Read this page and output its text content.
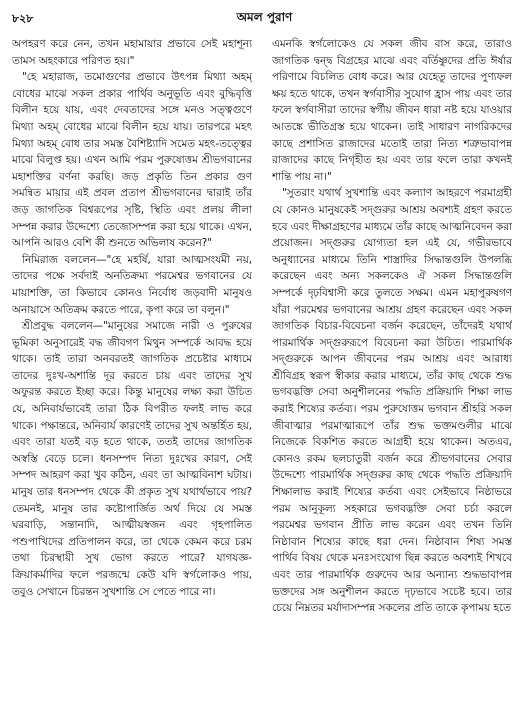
৮২৮	অমল পুরাণ

অপহরণ করে নেন, তখন মহামায়ার প্রভাবে সেই মহাশূন্য তামস অহংকারে পরিণত হয়।"

"হে মহারাজ, তমোগুণের প্রভাবে উৎপন্ন মিথ্যা অহম্ বোধের মাঝে সকল প্রকার পার্থিব অনুভূতি এবং বুদ্ধিবৃত্তি বিলীন হয়ে যায়, এবং দেবতাদের সঙ্গে মনও সত্ত্বগুণে মিথ্যা অহম্ বোধের মাঝে বিলীন হয়ে যায়। তারপরে মহৎ মিথ্যা অহম্ বোধ তার সমস্ত বৈশিষ্ট্যাদি সমেত মহৎ-তত্ত্বের মাঝে বিলুপ্ত হয়। এখন আমি পরম পুরুষোত্তম শ্রীভগবানের মহাশক্তির বর্ণনা করছি। জড় প্রকৃতি তিন প্রকার গুণ সমন্বিত মায়ার এই প্রবল প্রতাপ শ্রীভগবানের দ্বারাই তাঁর জড় জাগতিক বিশ্বরূপের সৃষ্টি, স্থিতি এবং প্রলয় লীলা সম্পন্ন করার উদ্দেশ্যে তেজোসম্পন্ন করা হয়ে থাকে। এখন, আপনি আরও বেশি কী শুনতে অভিলাষ করেন?"

নিমিরাজ বললেন—"হে মহর্ষি, যারা আত্মসংযমী নয়, তাদের পক্ষে সর্বদাই অনতিক্রম্য পরমেশ্বর ভগবানের যে মায়াশক্তি, তা কিভাবে কোনও নির্বোধ জড়বাদী মানুষও অনায়াসে অতিক্রম করতে পারে, কৃপা করে তা বলুন।"

শ্রীপ্রবুদ্ধ বললেন—"মানুষের সমাজে নারী ও পুরুষের ভূমিকা অনুসারেই বদ্ধ জীবগণ মিথুন সম্পর্কে আবদ্ধ হয়ে থাকে। তাই তারা অনবরতই জাগতিক প্রচেষ্টার মাধ্যমে তাদের দুঃখ-অশান্তি দূর করতে চায় এবং তাদের সুখ অফুরন্ত করতে ইচ্ছা করে। কিন্তু মানুষের লক্ষ্য করা উচিত যে, অনিবার্যভাবেই তারা ঠিক বিপরীত ফলই লাভ করে থাকে। পক্ষান্তরে, অনিবার্য কারণেই তাদের সুখ অন্তর্হিত হয়, এবং তারা যতই বড় হতে থাকে, ততই তাদের জাগতিক অস্বস্তি বেড়ে চলে। ধনসম্পদ নিত্য দুঃখের কারণ, সেই সম্পদ আহরণ করা খুব কঠিন, এবং তা আত্মবিনাশ ঘটায়। মানুষ তার ধনসম্পদ থেকে কী প্রকৃত সুখ যথার্থভাবে পায়? তেমনই, মানুষ তার কষ্টোপার্জিত অর্থ দিয়ে যে সমস্ত ঘরবাড়ি, সন্তানাদি, আত্মীয়স্বজন এবং গৃহপালিত পশুপাখিদের প্রতিপালন করে, তা থেকে কেমন করে চরম তথা চিরস্থায়ী সুখ ভোগ করতে পারে? যাগযজ্ঞ-ক্রিয়াকর্মাদির ফলে পরজন্মে কেউ যদি স্বর্গলোকও পায়, তবুও সেখানে চিরন্তন সুখশান্তি সে পেতে পারে না।

এমনকি স্বর্গলোকেও যে সকল জীব বাস করে, তারাও জাগতিক দ্বন্দ্ব বিগ্রহের মাঝে এবং বর্তিষ্ণুদের প্রতি ঈর্ষার পরিণামে বিচলিত বোধ করে। আর যেহেতু তাদের পুণ্যফল ক্ষয় হতে থাকে, তখন স্বর্গবাসীর সুযোগ হ্রাস পায় এবং তার ফলে স্বর্গবাসীরা তাদের স্বর্গীয় জীবন ধারা নষ্ট হয়ে যাওয়ার আতঙ্কে ভীতিগ্রস্ত হয়ে থাকেন। তাই সাধারণ নাগরিকদের কাছে প্রশাসিত রাজাদের মতোই তারা নিত্য শত্রুভাবাপন্ন রাজাদের কাছে নিগৃহীত হয় এবং তার ফলে তারা কখনই শান্তি পায় না।"

"সুতরাং যথার্থ সুখশান্তি এবং কল্যাণ আহরণে পরমাগ্রহী যে কোনও মানুষকেই সদ্গুরুর আশ্রয় অবশ্যই গ্রহণ করতে হবে এবং দীক্ষাগ্রহণের মাধ্যমে তাঁর কাছে আত্মনিবেদন করা প্রয়োজন। সদ্গুরুর যোগ্যতা হল এই যে, গভীরভাবে অনুধ্যানের মাধ্যমে তিনি শাস্ত্রাদির সিদ্ধান্তগুলি উপলব্ধি করেছেন এবং অন্য সকলকেও ঐ সকল সিদ্ধান্তগুলি সম্পর্কে দৃঢ়বিশ্বাসী করে তুলতে সক্ষম। এমন মহাপুরুষগণ যাঁরা পরমেশ্বর ভগবানের আশ্রয় গ্রহণ করেছেন এবং সকল জাগতিক বিচার-বিবেচনা বর্জন করেছেন, তাঁদেরই যথার্থ পারমার্থিক সদ্গুরুরূপে বিবেচনা করা উচিত। পারমার্থিক সদ্গুরুকে আপন জীবনের পরম আশ্রয় এবং আরাধ্য শ্রীবিগ্রহ স্বরূপ স্বীকার করার মাধ্যমে, তাঁর কাছ থেকে শুদ্ধ ভগবদ্ভক্তি সেবা অনুশীলনের পদ্ধতি প্রক্রিয়াদি শিক্ষা লাভ করাই শিষ্যের কর্তব্য। পরম পুরুষোত্তম ভগবান শ্রীহরি সকল জীবাত্মার পরমাত্মারূপে তাঁর শুদ্ধ ভক্তমণ্ডলীর মাঝে নিজেকে বিকশিত করতে আগ্রহী হয়ে থাকেন। অতএব, কোনও রকম ছলচাতুরী বর্জন করে শ্রীভগবানের সেবার উদ্দেশ্যে পারমার্থিক সদ্গুরুর কাছ থেকে পদ্ধতি প্রক্রিয়াদি শিক্ষালাভ করাই শিষ্যের কর্তব্য এবং সেইভাবে নিষ্ঠাভরে পরম আনুকূল্য সহকারে ভগবদ্ভক্তি সেবা চর্চা করলে পরমেশ্বর ভগবান প্রীতি লাভ করেন এবং তখন তিনি নিষ্ঠাবান শিষ্যের কাছে ধরা দেন। নিষ্ঠাবান শিষ্য সমস্ত পার্থিব বিষয় থেকে মনঃসংযোগ ছিন্ন করতে অবশ্যই শিখবে এবং তার পারমার্থিক গুরুদেব আর অন্যান্য শুদ্ধভাবাপন্ন ভক্তদের সঙ্গ অনুশীলন করতে দৃঢ়ভাবে সচেষ্ট হবে। তার চেয়ে নিম্নতর মর্যাদাসম্পন্ন সকলের প্রতি তাকে কৃপাময় হতে
